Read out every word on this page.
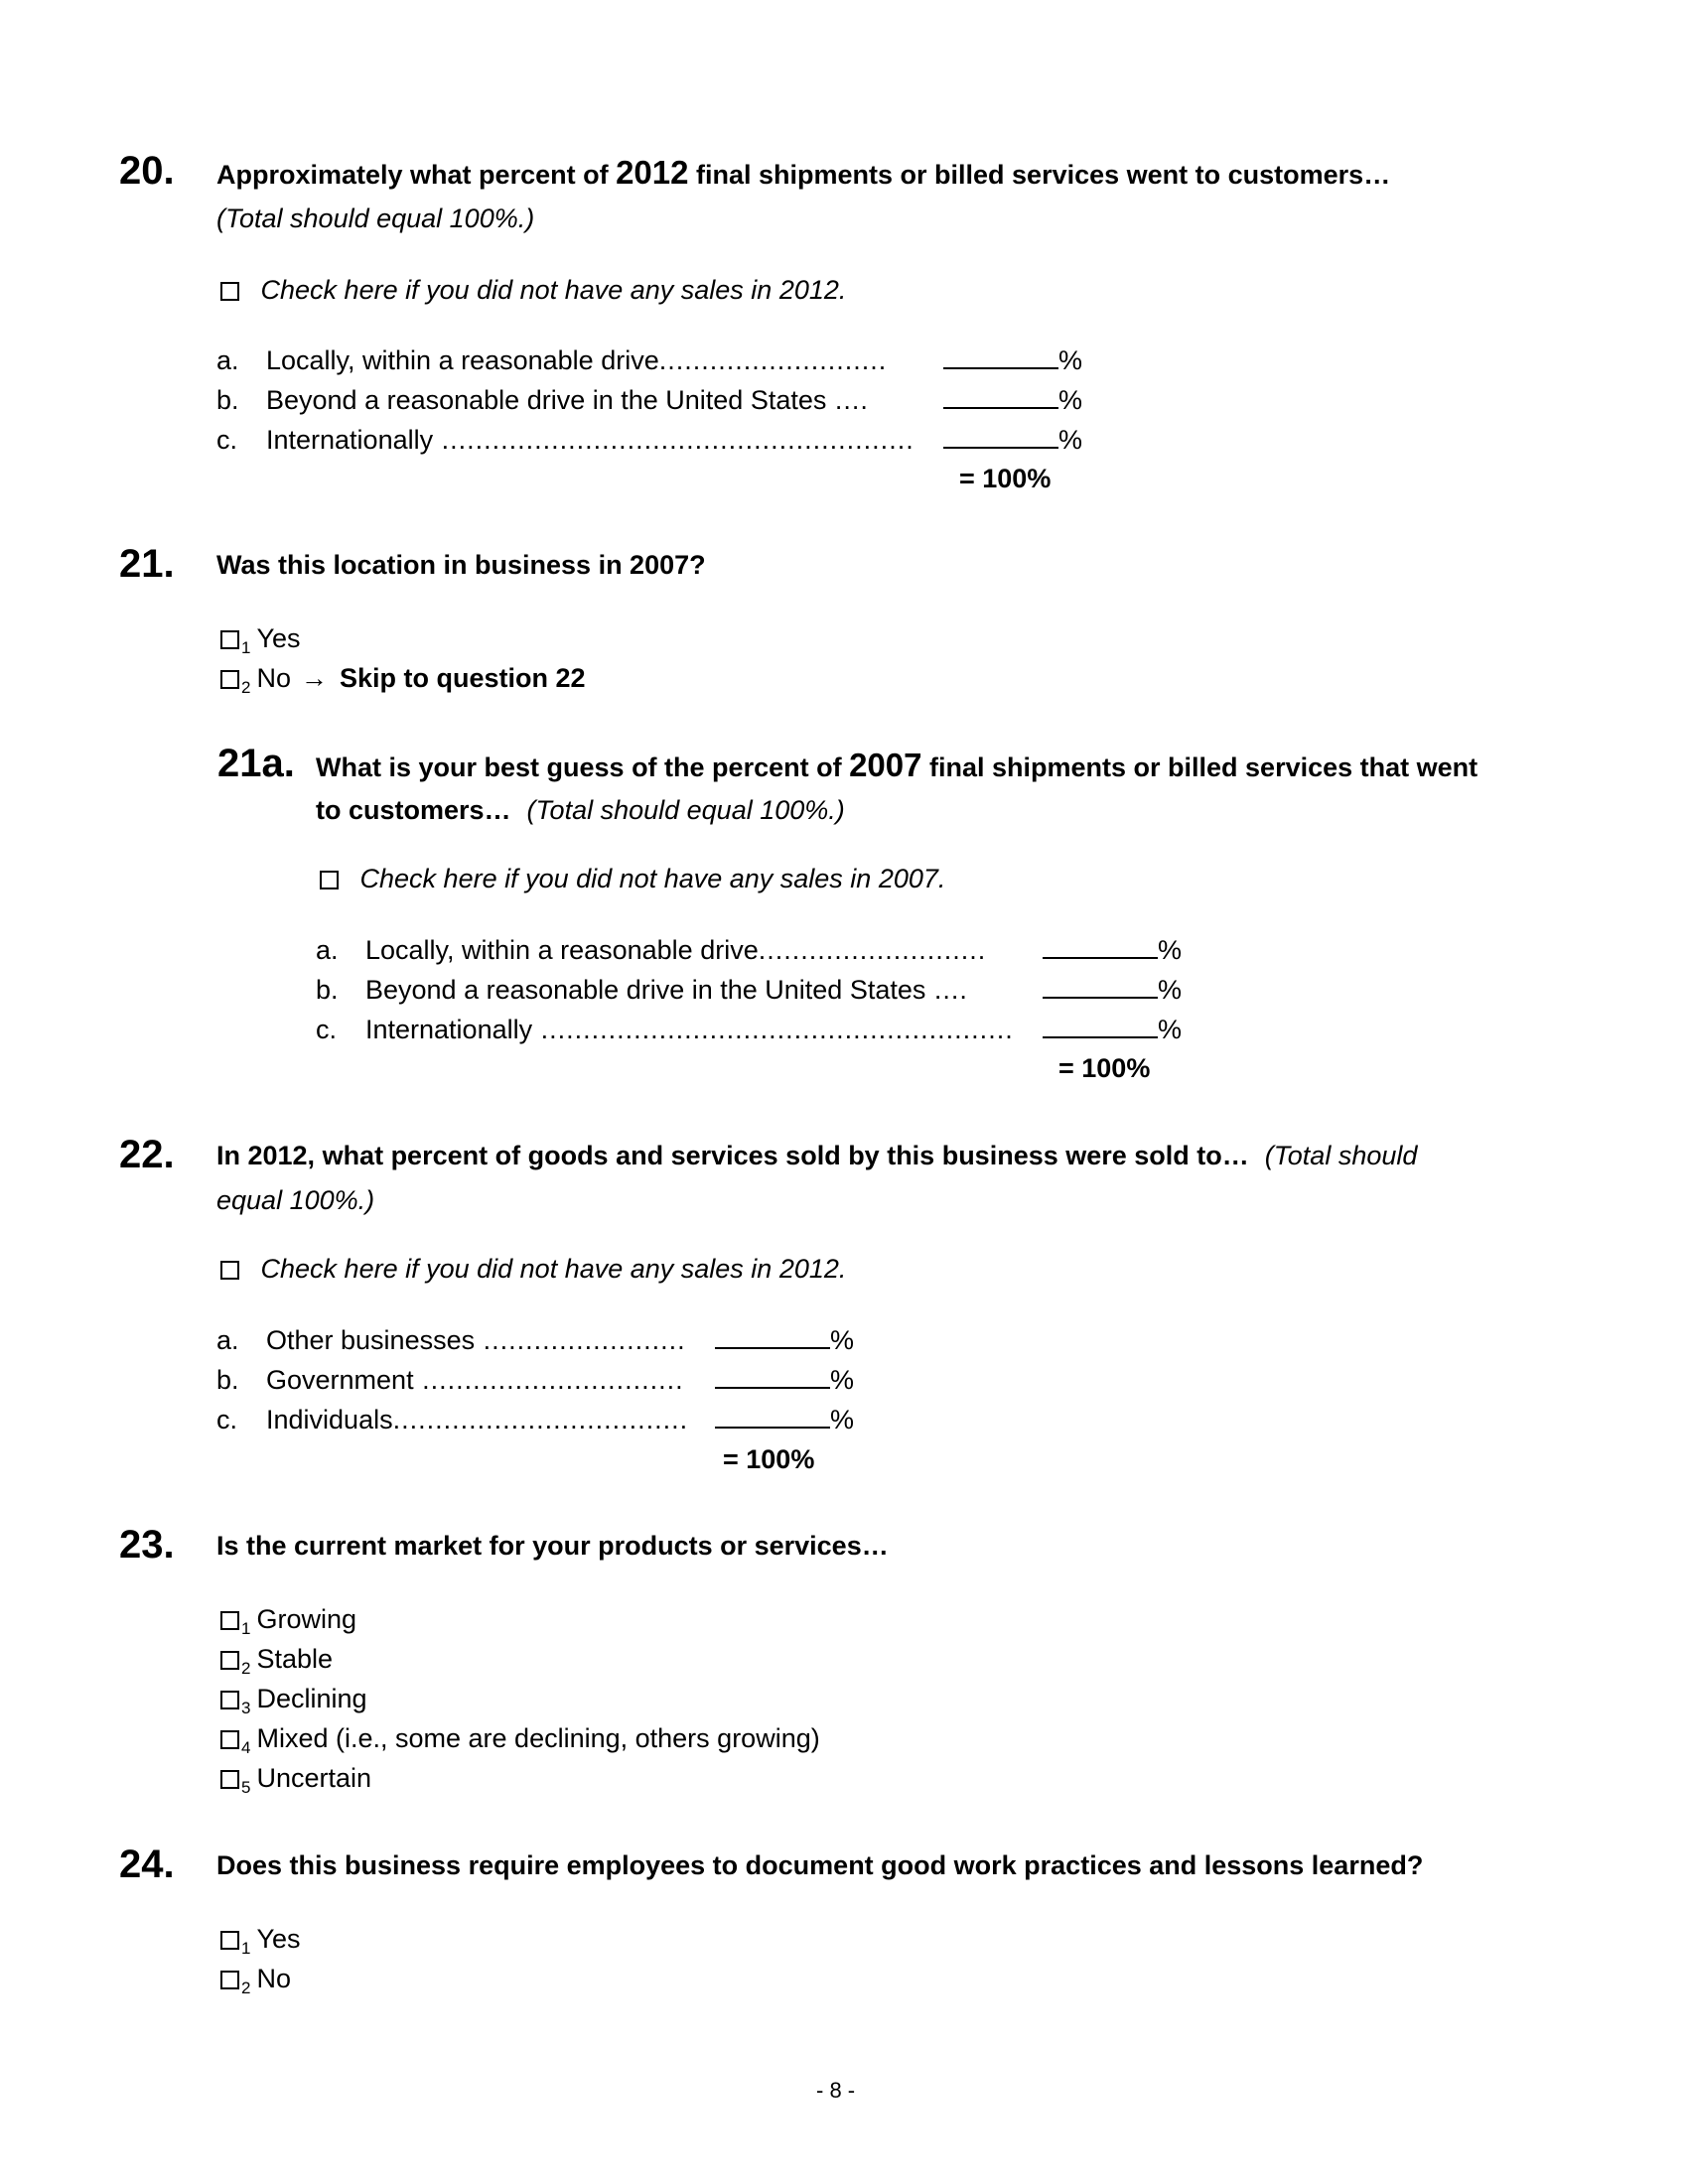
20. Approximately what percent of 2012 final shipments or billed services went to customers…
(Total should equal 100%.)
Check here if you did not have any sales in 2012.
a.	Locally, within a reasonable drive...........................	%
b.	Beyond a reasonable drive in the United States ....	%
c.	Internationally ........................................................	%
= 100%
21. Was this location in business in 2007?
$_1$ Yes
$_2$ No → Skip to question 22
21a. What is your best guess of the percent of 2007 final shipments or billed services that went
to customers… (Total should equal 100%.)
Check here if you did not have any sales in 2007.
a.	Locally, within a reasonable drive...........................	%
b.	Beyond a reasonable drive in the United States ....	%
c.	Internationally ........................................................	%
= 100%
22. In 2012, what percent of goods and services sold by this business were sold to… (Total should
equal 100%.)
Check here if you did not have any sales in 2012.
a.	Other businesses ........................	%
b.	Government ...............................	%
c.	Individuals...................................	%
= 100%
23. Is the current market for your products or services…
$_1$ Growing
$_2$ Stable
$_3$ Declining
$_4$ Mixed (i.e., some are declining, others growing)
$_5$ Uncertain
24. Does this business require employees to document good work practices and lessons learned?
$_1$ Yes
$_2$ No
- 8 -
